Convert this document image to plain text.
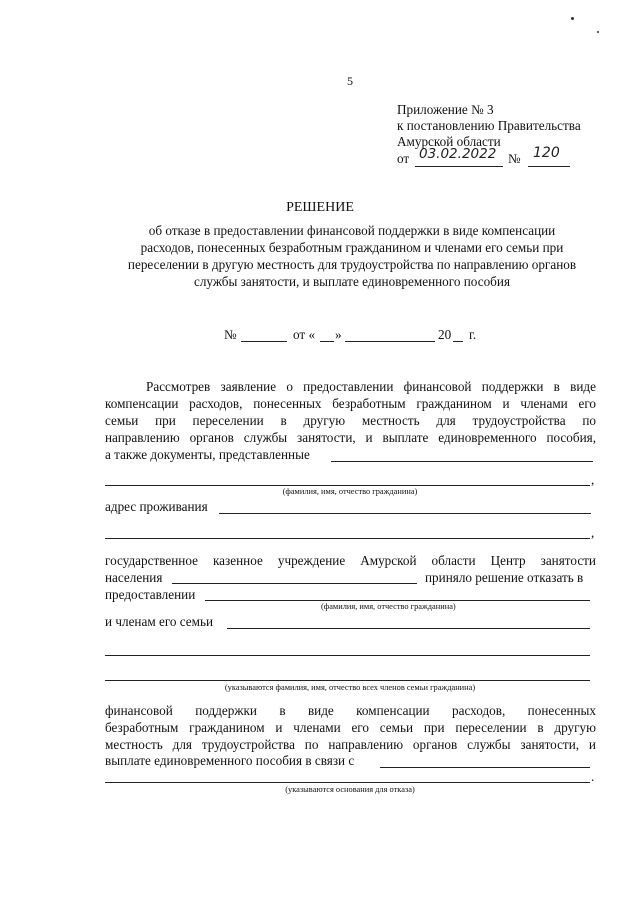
5
Приложение № 3
к постановлению Правительства
Амурской области
от 03.02.2022 № 120
РЕШЕНИЕ
об отказе в предоставлении финансовой поддержки в виде компенсации
расходов, понесенных безработным гражданином и членами его семьи при
переселении в другую местность для трудоустройства по направлению органов
службы занятости, и выплате единовременного пособия
№	от « »	20 г.
Рассмотрев заявление о предоставлении финансовой поддержки в виде
компенсации расходов, понесенных безработным гражданином и членами его
семьи при переселении в другую местность для трудоустройства по
направлению органов службы занятости, и выплате единовременного пособия,
а также документы, представленные
,
(фамилия, имя, отчество гражданина)
адрес проживания
,
государственное казенное учреждение Амурской области Центр занятости
населения	приняло решение отказать в
предоставлении
(фамилия, имя, отчество гражданина)
и членам его семьи
(указываются фамилия, имя, отчество всех членов семьи гражданина)
финансовой поддержки в виде компенсации расходов, понесенных
безработным гражданином и членами его семьи при переселении в другую
местность для трудоустройства по направлению органов службы занятости, и
выплате единовременного пособия в связи с
.
(указываются основания для отказа)
